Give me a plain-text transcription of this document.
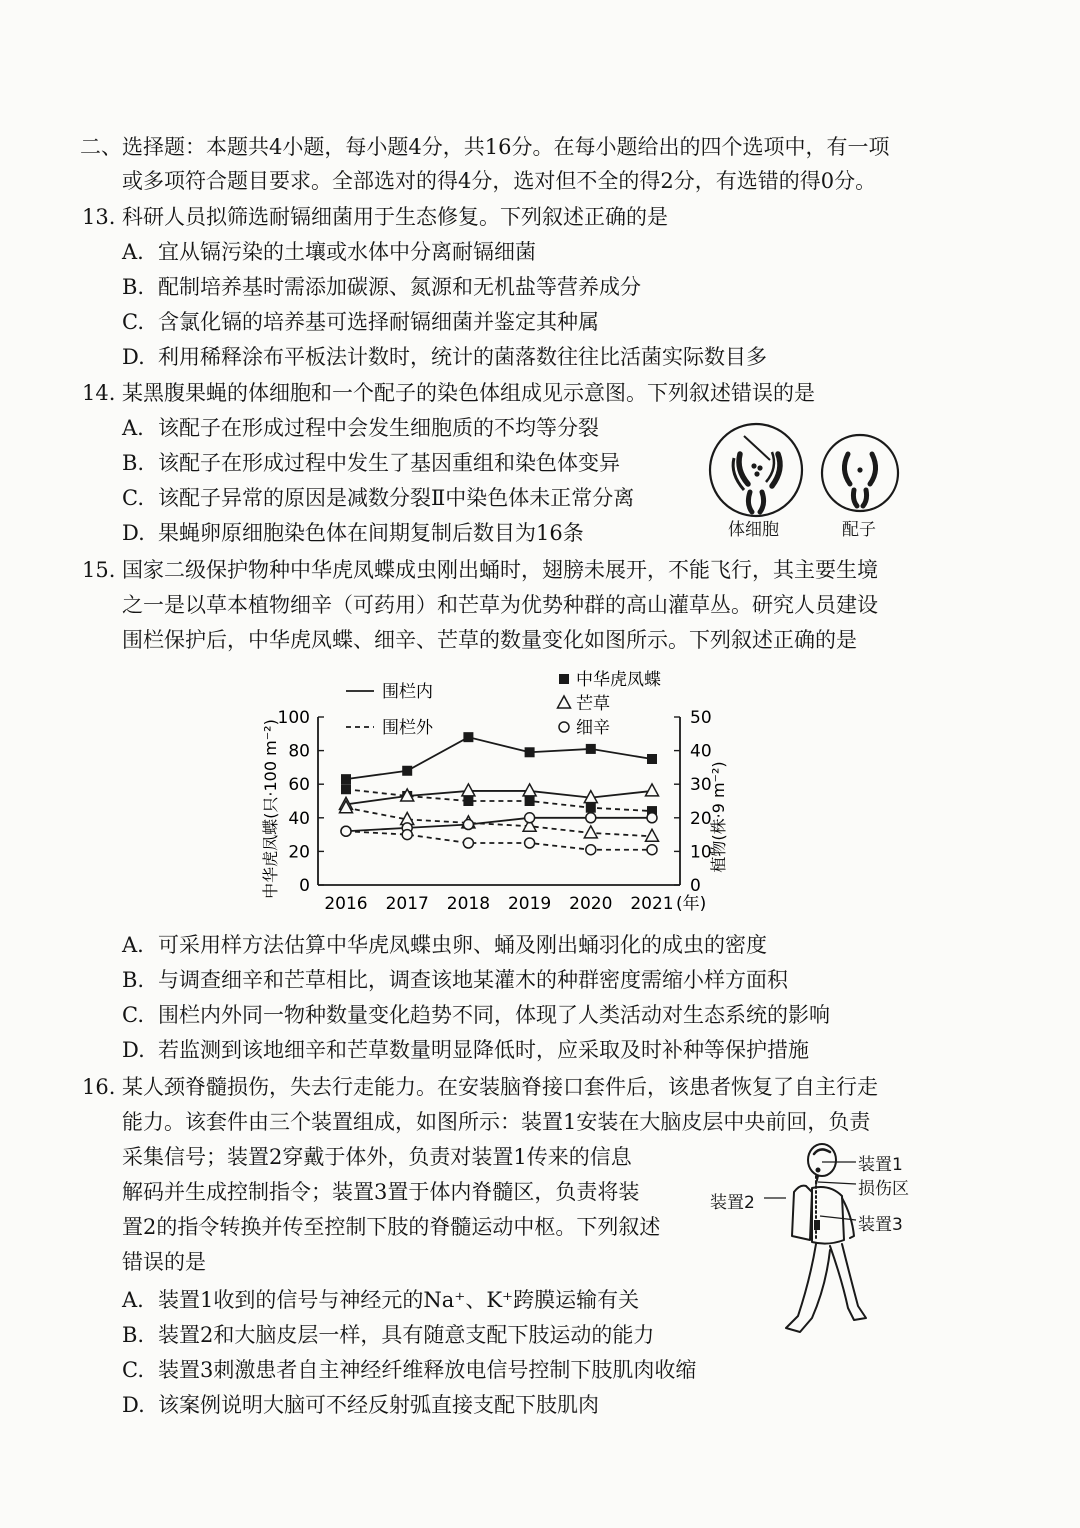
二、选择题：本题共4小题，每小题4分，共16分。在每小题给出的四个选项中，有一项
或多项符合题目要求。全部选对的得4分，选对但不全的得2分，有选错的得0分。
13. 科研人员拟筛选耐镉细菌用于生态修复。下列叙述正确的是
A. 宜从镉污染的土壤或水体中分离耐镉细菌
B. 配制培养基时需添加碳源、氮源和无机盐等营养成分
C. 含氯化镉的培养基可选择耐镉细菌并鉴定其种属
D. 利用稀释涂布平板法计数时，统计的菌落数往往比活菌实际数目多
14. 某黑腹果蝇的体细胞和一个配子的染色体组成见示意图。下列叙述错误的是
A. 该配子在形成过程中会发生细胞质的不均等分裂
B. 该配子在形成过程中发生了基因重组和染色体变异
C. 该配子异常的原因是减数分裂Ⅱ中染色体未正常分离
D. 果蝇卵原细胞染色体在间期复制后数目为16条	体细胞	配子
15. 国家二级保护物种中华虎凤蝶成虫刚出蛹时，翅膀未展开，不能飞行，其主要生境
之一是以草本植物细辛（可药用）和芒草为优势种群的高山灌草丛。研究人员建设
围栏保护后，中华虎凤蝶、细辛、芒草的数量变化如图所示。下列叙述正确的是
0
20
40
60
80
100
0
10
20
30
40
50
2016 2017 2018 2019 2020 2021 (年)
中华虎凤蝶(只·100 m⁻²)	植物(株·9 m⁻²)
围栏内
围栏外
中华虎凤蝶
芒草
细辛
A. 可采用样方法估算中华虎凤蝶虫卵、蛹及刚出蛹羽化的成虫的密度
B. 与调查细辛和芒草相比，调查该地某灌木的种群密度需缩小样方面积
C. 围栏内外同一物种数量变化趋势不同，体现了人类活动对生态系统的影响
D. 若监测到该地细辛和芒草数量明显降低时，应采取及时补种等保护措施
16. 某人颈脊髓损伤，失去行走能力。在安装脑脊接口套件后，该患者恢复了自主行走
能力。该套件由三个装置组成，如图所示：装置1安装在大脑皮层中央前回，负责
采集信号；装置2穿戴于体外，负责对装置1传来的信息
解码并生成控制指令；装置3置于体内脊髓区，负责将装
置2的指令转换并传至控制下肢的脊髓运动中枢。下列叙述
错误的是
A. 装置1收到的信号与神经元的Na⁺、K⁺跨膜运输有关
B. 装置2和大脑皮层一样，具有随意支配下肢运动的能力
C. 装置3刺激患者自主神经纤维释放电信号控制下肢肌肉收缩
D. 该案例说明大脑可不经反射弧直接支配下肢肌肉
装置1
损伤区
装置2
装置3
